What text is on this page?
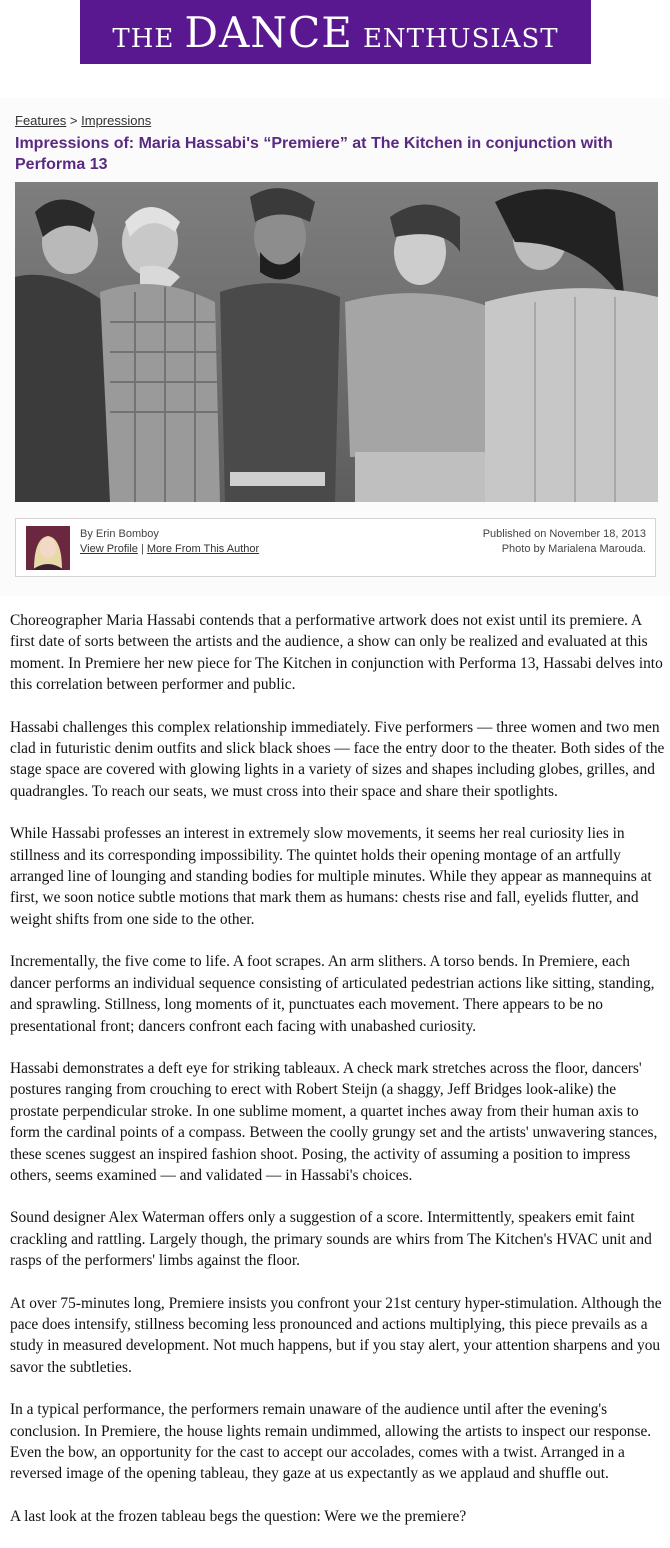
THE DANCE ENTHUSIAST
Features > Impressions
Impressions of: Maria Hassabi's “Premiere” at The Kitchen in conjunction with Performa 13
By Erin Bomboy
View Profile | More From This Author
Published on November 18, 2013
Photo by Marialena Marouda.

Choreographer Maria Hassabi contends that a performative artwork does not exist until its premiere. A first date of sorts between the artists and the audience, a show can only be realized and evaluated at this moment. In Premiere her new piece for The Kitchen in conjunction with Performa 13, Hassabi delves into this correlation between performer and public.

Hassabi challenges this complex relationship immediately. Five performers — three women and two men clad in futuristic denim outfits and slick black shoes — face the entry door to the theater. Both sides of the stage space are covered with glowing lights in a variety of sizes and shapes including globes, grilles, and quadrangles. To reach our seats, we must cross into their space and share their spotlights.

While Hassabi professes an interest in extremely slow movements, it seems her real curiosity lies in stillness and its corresponding impossibility. The quintet holds their opening montage of an artfully arranged line of lounging and standing bodies for multiple minutes. While they appear as mannequins at first, we soon notice subtle motions that mark them as humans: chests rise and fall, eyelids flutter, and weight shifts from one side to the other.

Incrementally, the five come to life. A foot scrapes. An arm slithers. A torso bends. In Premiere, each dancer performs an individual sequence consisting of articulated pedestrian actions like sitting, standing, and sprawling. Stillness, long moments of it, punctuates each movement. There appears to be no presentational front; dancers confront each facing with unabashed curiosity.

Hassabi demonstrates a deft eye for striking tableaux. A check mark stretches across the floor, dancers' postures ranging from crouching to erect with Robert Steijn (a shaggy, Jeff Bridges look-alike) the prostate perpendicular stroke. In one sublime moment, a quartet inches away from their human axis to form the cardinal points of a compass. Between the coolly grungy set and the artists' unwavering stances, these scenes suggest an inspired fashion shoot. Posing, the activity of assuming a position to impress others, seems examined — and validated — in Hassabi's choices.

Sound designer Alex Waterman offers only a suggestion of a score. Intermittently, speakers emit faint crackling and rattling. Largely though, the primary sounds are whirs from The Kitchen's HVAC unit and rasps of the performers' limbs against the floor.

At over 75-minutes long, Premiere insists you confront your 21st century hyper-stimulation. Although the pace does intensify, stillness becoming less pronounced and actions multiplying, this piece prevails as a study in measured development. Not much happens, but if you stay alert, your attention sharpens and you savor the subtleties.

In a typical performance, the performers remain unaware of the audience until after the evening's conclusion. In Premiere, the house lights remain undimmed, allowing the artists to inspect our response. Even the bow, an opportunity for the cast to accept our accolades, comes with a twist. Arranged in a reversed image of the opening tableau, they gaze at us expectantly as we applaud and shuffle out.

A last look at the frozen tableau begs the question: Were we the premiere?
